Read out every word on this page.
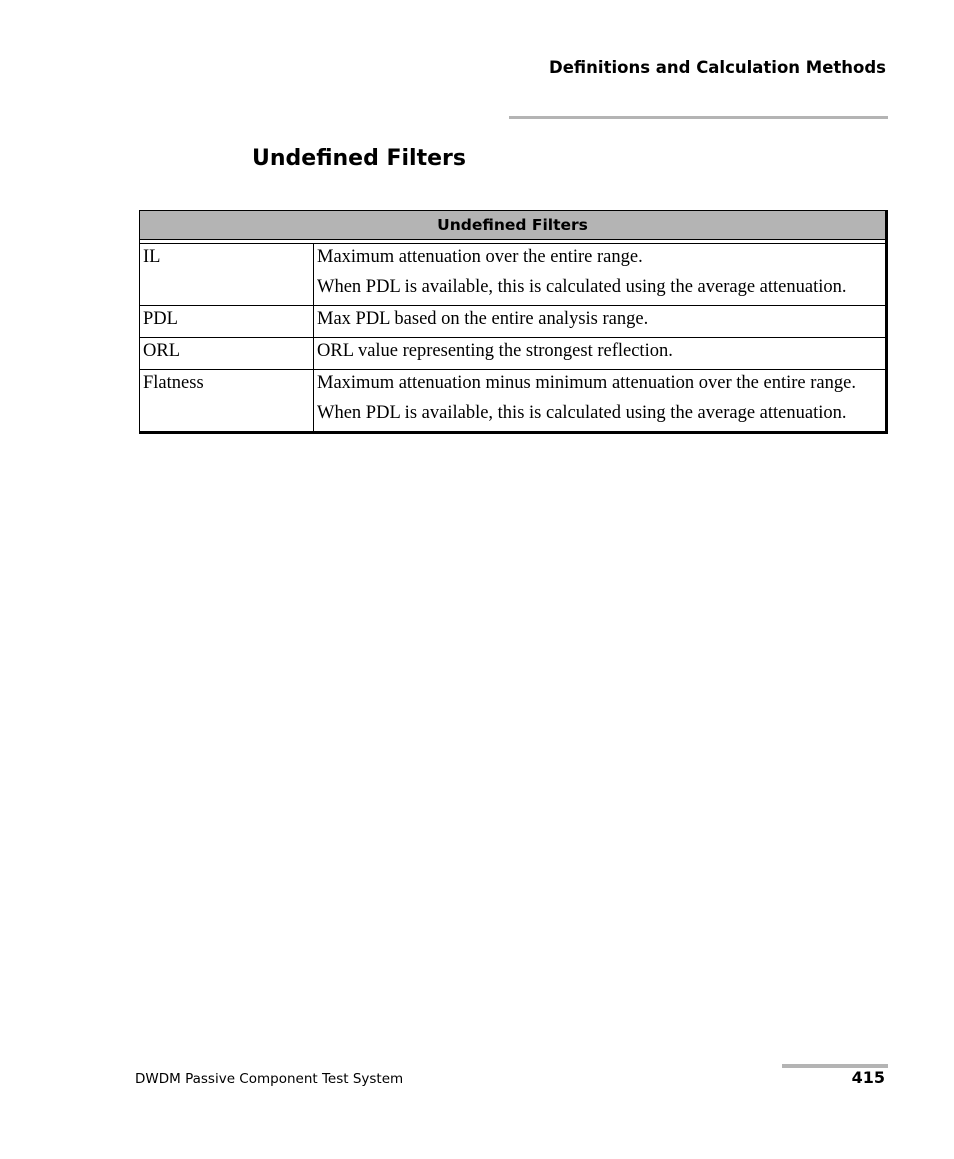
Definitions and Calculation Methods
Undefined Filters
Undefined Filters	

IL	Maximum attenuation over the entire range.

When PDL is available, this is calculated using the average attenuation.

PDL	Max PDL based on the entire analysis range.

ORL	ORL value representing the strongest reflection.

Flatness	Maximum attenuation minus minimum attenuation over the entire range.

When PDL is available, this is calculated using the average attenuation.

DWDM Passive Component Test System	415
